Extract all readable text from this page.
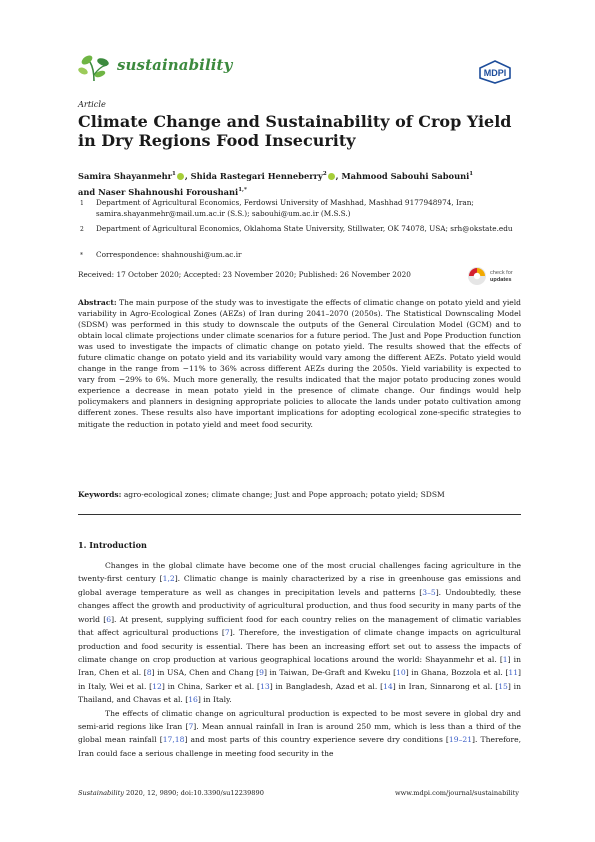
sustainability	MDPI
Article
Climate Change and Sustainability of Crop Yield in Dry Regions Food Insecurity
Samira Shayanmehr$^1$ , Shida Rastegari Henneberry$^2$ , Mahmood Sabouhi Sabouni$^1$
and Naser Shahnoushi Foroushani$^{1,*}$
1 Department of Agricultural Economics, Ferdowsi University of Mashhad, Mashhad 9177948974, Iran; samira.shayanmehr@mail.um.ac.ir (S.S.); sabouhi@um.ac.ir (M.S.S.)
2 Department of Agricultural Economics, Oklahoma State University, Stillwater, OK 74078, USA; srh@okstate.edu
* Correspondence: shahnoushi@um.ac.ir
Received: 17 October 2020; Accepted: 23 November 2020; Published: 26 November 2020	check for
updates
Abstract: The main purpose of the study was to investigate the effects of climatic change on potato yield and yield variability in Agro-Ecological Zones (AEZs) of Iran during 2041–2070 (2050s). The Statistical Downscaling Model (SDSM) was performed in this study to downscale the outputs of the General Circulation Model (GCM) and to obtain local climate projections under climate scenarios for a future period. The Just and Pope Production function was used to investigate the impacts of climatic change on potato yield. The results showed that the effects of future climatic change on potato yield and its variability would vary among the different AEZs. Potato yield would change in the range from −11% to 36% across different AEZs during the 2050s. Yield variability is expected to vary from −29% to 6%. Much more generally, the results indicated that the major potato producing zones would experience a decrease in mean potato yield in the presence of climate change. Our findings would help policymakers and planners in designing appropriate policies to allocate the lands under potato cultivation among different zones. These results also have important implications for adopting ecological zone-specific strategies to mitigate the reduction in potato yield and meet food security.
Keywords: agro-ecological zones; climate change; Just and Pope approach; potato yield; SDSM
1. Introduction

Changes in the global climate have become one of the most crucial challenges facing agriculture in the twenty-first century [1,2]. Climatic change is mainly characterized by a rise in greenhouse gas emissions and global average temperature as well as changes in precipitation levels and patterns [3–5]. Undoubtedly, these changes affect the growth and productivity of agricultural production, and thus food security in many parts of the world [6]. At present, supplying sufficient food for each country relies on the management of climatic variables that affect agricultural productions [7]. Therefore, the investigation of climate change impacts on agricultural production and food security is essential. There has been an increasing effort set out to assess the impacts of climate change on crop production at various geographical locations around the world: Shayanmehr et al. [1] in Iran, Chen et al. [8] in USA, Chen and Chang [9] in Taiwan, De-Graft and Kweku [10] in Ghana, Bozzola et al. [11] in Italy, Wei et al. [12] in China, Sarker et al. [13] in Bangladesh, Azad et al. [14] in Iran, Sinnarong et al. [15] in Thailand, and Chavas et al. [16] in Italy.

The effects of climatic change on agricultural production is expected to be most severe in global dry and semi-arid regions like Iran [7]. Mean annual rainfall in Iran is around 250 mm, which is less than a third of the global mean rainfall [17,18] and most parts of this country experience severe dry conditions [19–21]. Therefore, Iran could face a serious challenge in meeting food security in the

Sustainability 2020, 12, 9890; doi:10.3390/su12239890	www.mdpi.com/journal/sustainability
